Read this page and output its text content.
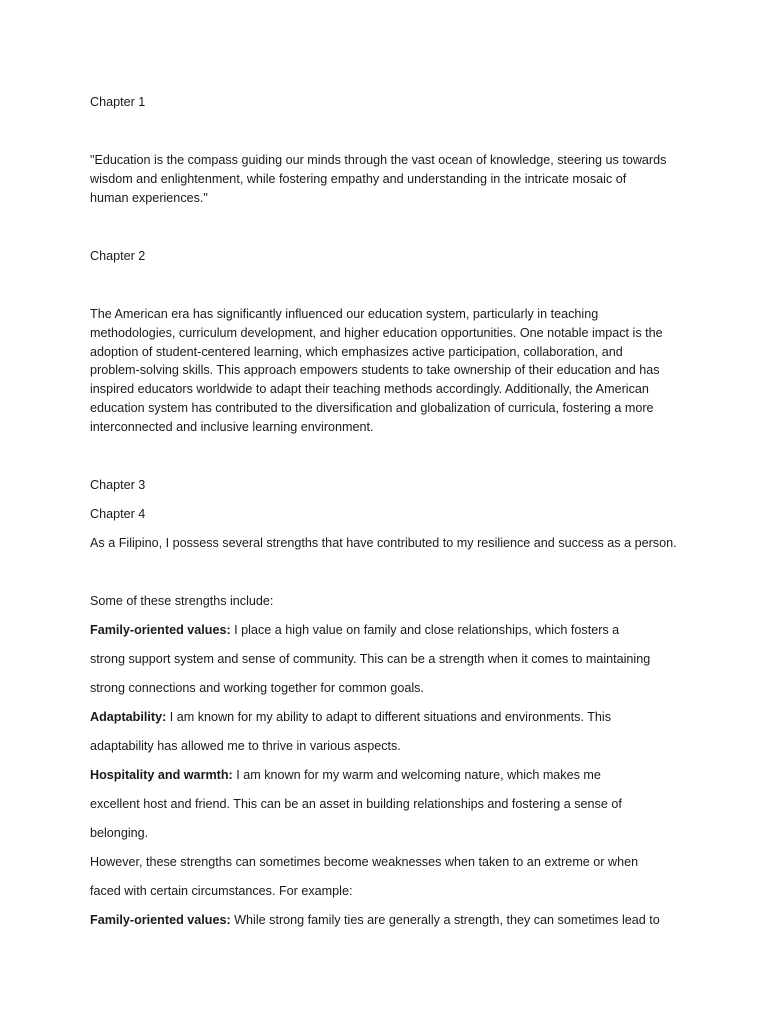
Chapter 1

"Education is the compass guiding our minds through the vast ocean of knowledge, steering us towards

wisdom and enlightenment, while fostering empathy and understanding in the intricate mosaic of

human experiences."

Chapter 2

The American era has significantly influenced our education system, particularly in teaching

methodologies, curriculum development, and higher education opportunities. One notable impact is the

adoption of student-centered learning, which emphasizes active participation, collaboration, and

problem-solving skills. This approach empowers students to take ownership of their education and has

inspired educators worldwide to adapt their teaching methods accordingly. Additionally, the American

education system has contributed to the diversification and globalization of curricula, fostering a more

interconnected and inclusive learning environment.

Chapter 3

Chapter 4

As a Filipino, I possess several strengths that have contributed to my resilience and success as a person.

Some of these strengths include:

Family-oriented values: I place a high value on family and close relationships, which fosters a

strong support system and sense of community. This can be a strength when it comes to maintaining

strong connections and working together for common goals.

Adaptability: I am known for my ability to adapt to different situations and environments. This

adaptability has allowed me to thrive in various aspects.

Hospitality and warmth: I am known for my warm and welcoming nature, which makes me

excellent host and friend. This can be an asset in building relationships and fostering a sense of

belonging.

However, these strengths can sometimes become weaknesses when taken to an extreme or when

faced with certain circumstances. For example:

Family-oriented values: While strong family ties are generally a strength, they can sometimes lead to
